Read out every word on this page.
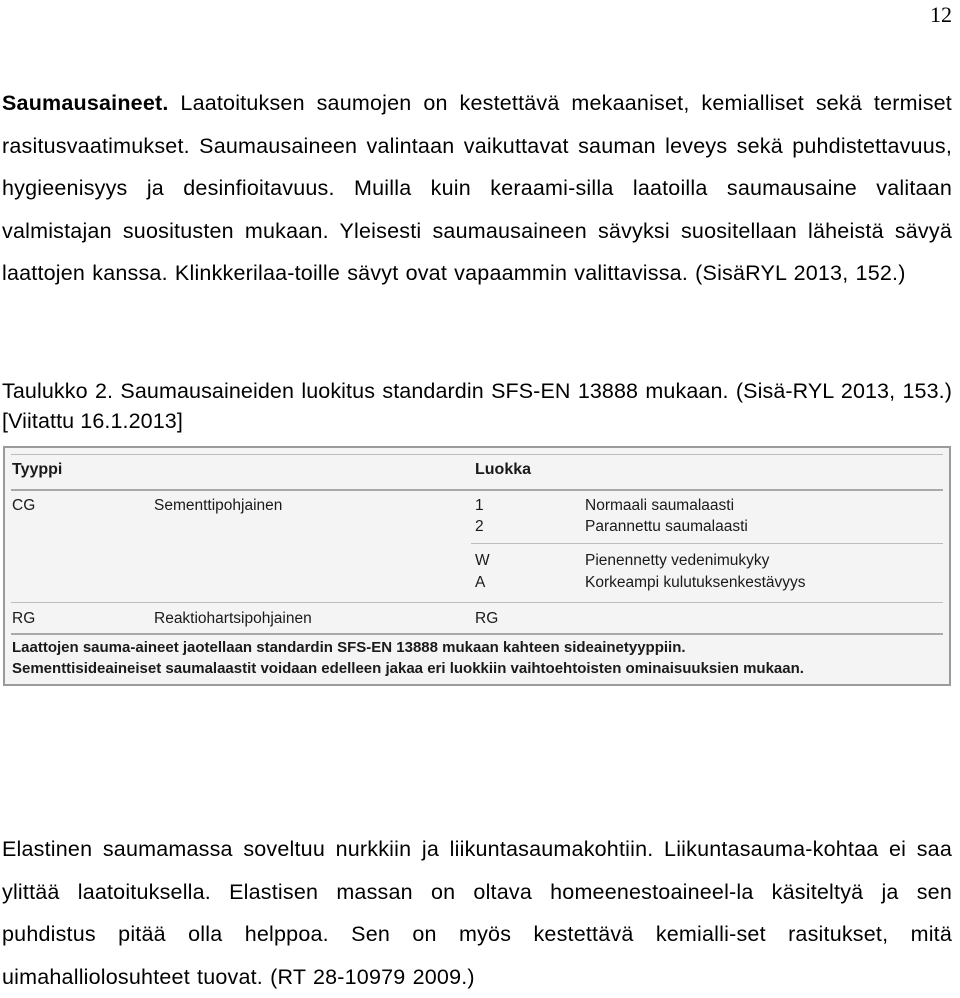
12
Saumausaineet. Laatoituksen saumojen on kestettävä mekaaniset, kemialliset sekä termiset rasitusvaatimukset. Saumausaineen valintaan vaikuttavat sauman leveys sekä puhdistettavuus, hygieenisyys ja desinfioitavuus. Muilla kuin keraami-silla laatoilla saumausaine valitaan valmistajan suositusten mukaan. Yleisesti saumausaineen sävyksi suositellaan läheistä sävyä laattojen kanssa. Klinkkerilaa-toille sävyt ovat vapaammin valittavissa. (SisäRYL 2013, 152.)
Taulukko 2. Saumausaineiden luokitus standardin SFS-EN 13888 mukaan. (Sisä-RYL 2013, 153.) [Viitattu 16.1.2013]
Tyyppi	Luokka
CG	Sementtipohjainen	1	Normaali saumalaasti
2	Parannettu saumalaasti
W	Pienennetty vedenimukyky
A	Korkeampi kulutuksenkestävyys
RG	Reaktiohartsipohjainen	RG
Laattojen sauma-aineet jaotellaan standardin SFS-EN 13888 mukaan kahteen sideainetyyppiin.
Sementtisideaineiset saumalaastit voidaan edelleen jakaa eri luokkiin vaihtoehtoisten ominaisuuksien mukaan.
Elastinen saumamassa soveltuu nurkkiin ja liikuntasaumakohtiin. Liikuntasauma-kohtaa ei saa ylittää laatoituksella. Elastisen massan on oltava homeenestoaineel-la käsiteltyä ja sen puhdistus pitää olla helppoa. Sen on myös kestettävä kemialli-set rasitukset, mitä uimahalliolosuhteet tuovat. (RT 28-10979 2009.)
